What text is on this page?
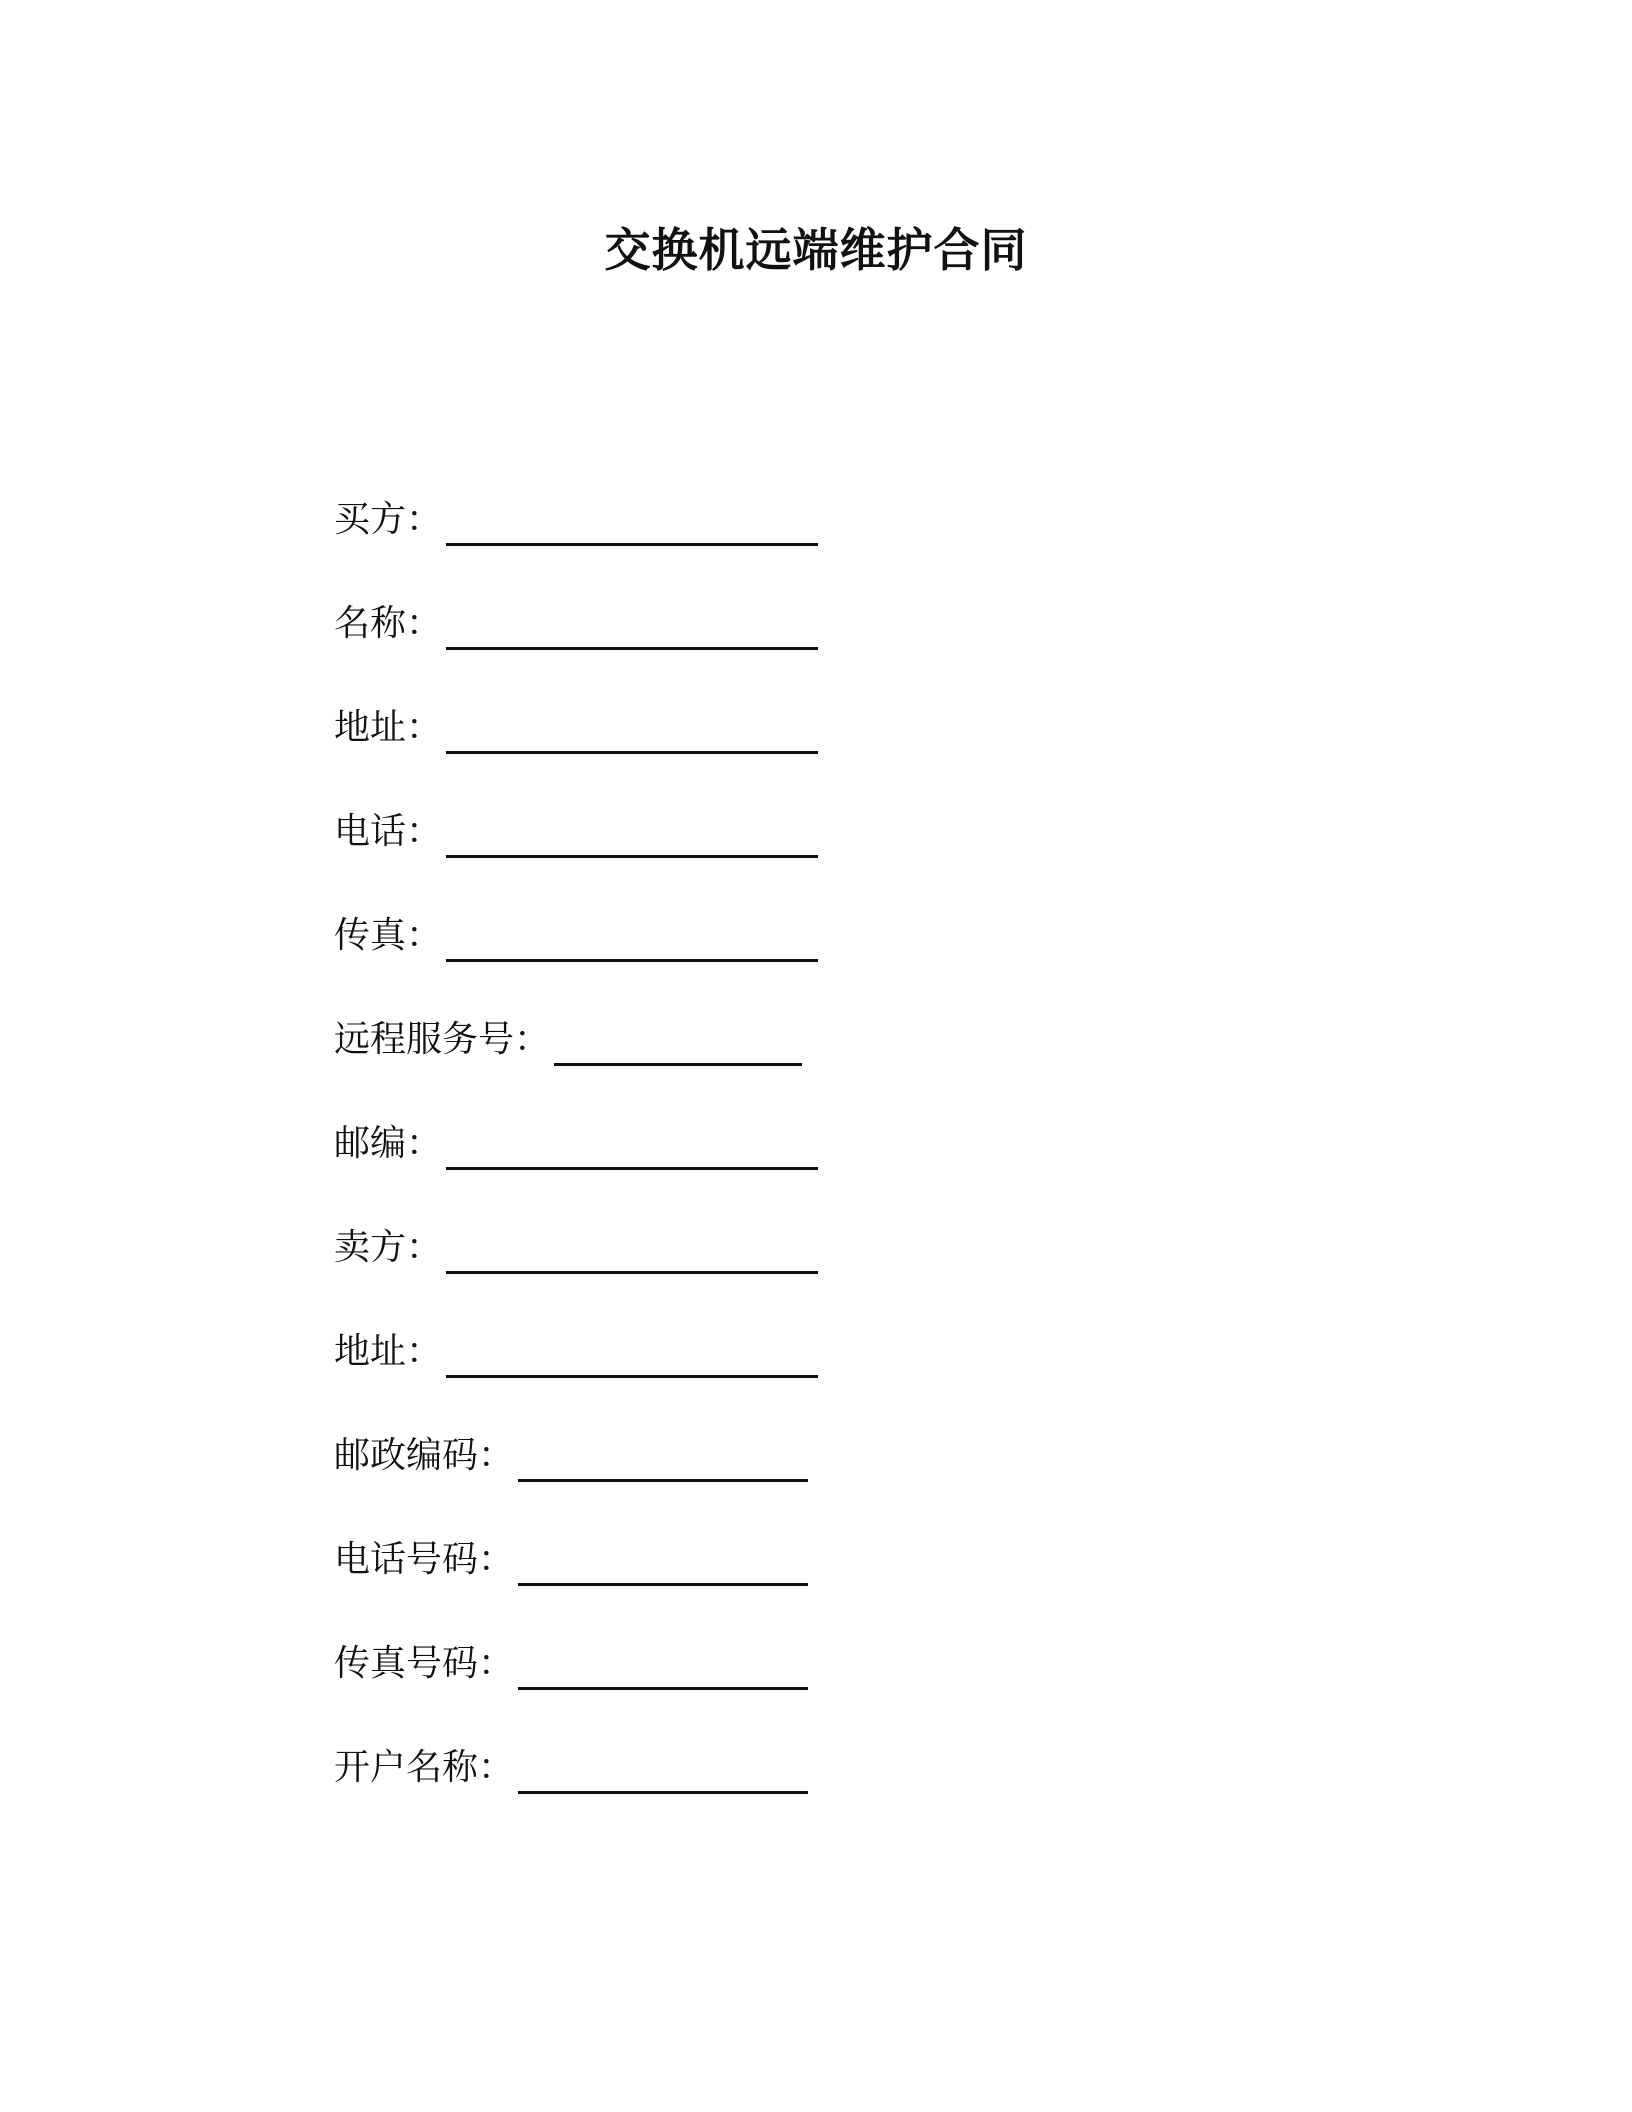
交换机远端维护合同
买方：
名称：
地址：
电话：
传真：
远程服务号：
邮编：
卖方：
地址：
邮政编码：
电话号码：
传真号码：
开户名称：
